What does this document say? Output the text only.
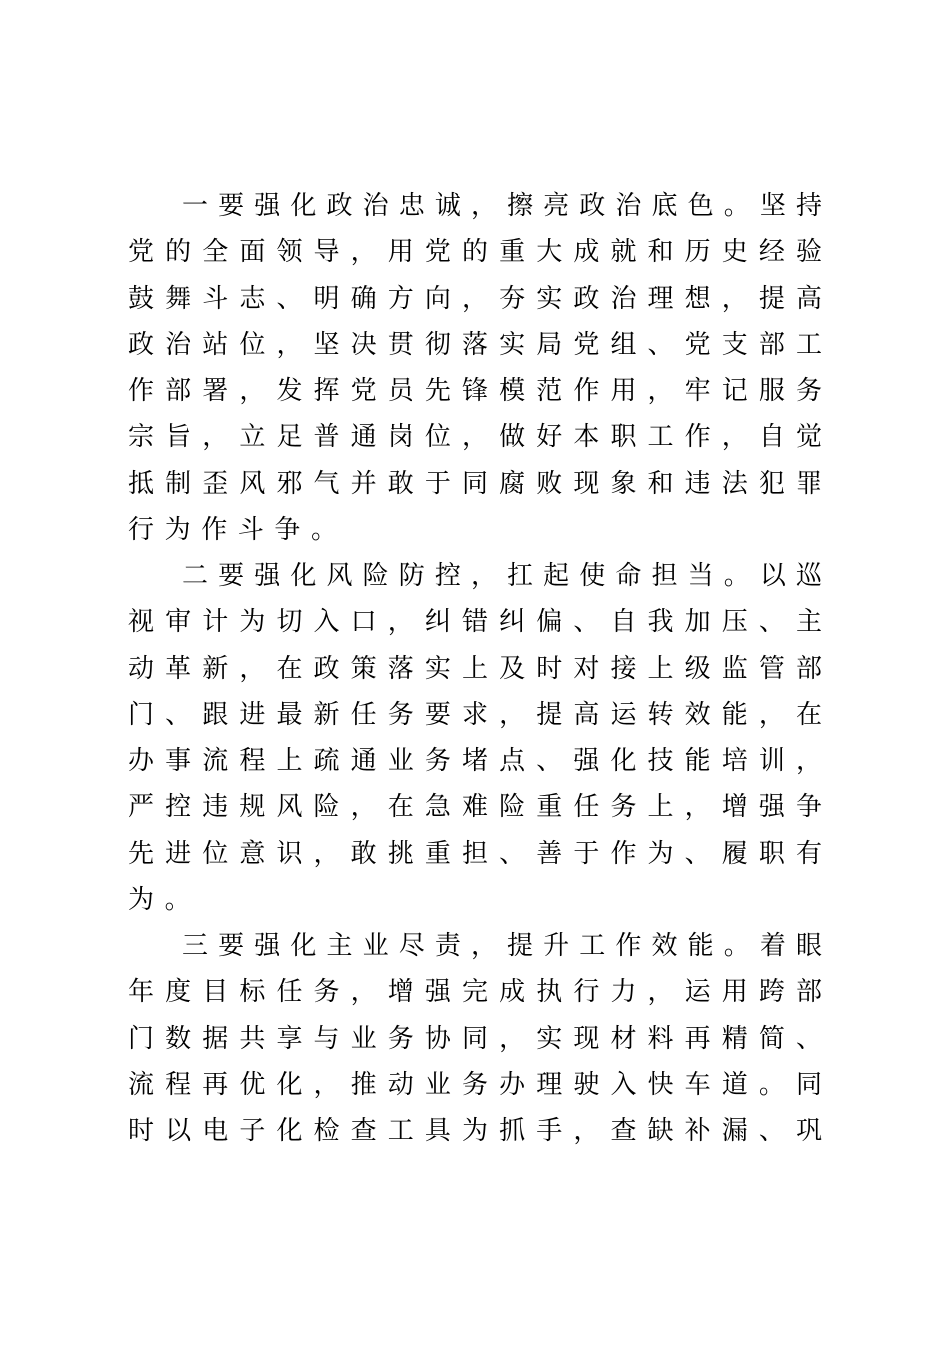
一 要 强 化 政 治 忠 诚 ， 擦 亮 政 治 底 色 。 坚 持
党 的 全 面 领 导 ， 用 党 的 重 大 成 就 和 历 史 经 验
鼓 舞 斗 志 、 明 确 方 向 ， 夯 实 政 治 理 想 ， 提 高
政 治 站 位 ， 坚 决 贯 彻 落 实 局 党 组 、 党 支 部 工
作 部 署 ， 发 挥 党 员 先 锋 模 范 作 用 ， 牢 记 服 务
宗 旨 ， 立 足 普 通 岗 位 ， 做 好 本 职 工 作 ， 自 觉
抵 制 歪 风 邪 气 并 敢 于 同 腐 败 现 象 和 违 法 犯 罪
行为作斗争。
二 要 强 化 风 险 防 控 ， 扛 起 使 命 担 当 。 以 巡
视 审 计 为 切 入 口 ， 纠 错 纠 偏 、 自 我 加 压 、 主
动 革 新 ， 在 政 策 落 实 上 及 时 对 接 上 级 监 管 部
门 、 跟 进 最 新 任 务 要 求 ， 提 高 运 转 效 能 ， 在
办 事 流 程 上 疏 通 业 务 堵 点 、 强 化 技 能 培 训 ，
严 控 违 规 风 险 ， 在 急 难 险 重 任 务 上 ， 增 强 争
先 进 位 意 识 ， 敢 挑 重 担 、 善 于 作 为 、 履 职 有
为。
三 要 强 化 主 业 尽 责 ， 提 升 工 作 效 能 。 着 眼
年 度 目 标 任 务 ， 增 强 完 成 执 行 力 ， 运 用 跨 部
门 数 据 共 享 与 业 务 协 同 ， 实 现 材 料 再 精 简 、
流 程 再 优 化 ， 推 动 业 务 办 理 驶 入 快 车 道 。 同
时 以 电 子 化 检 查 工 具 为 抓 手 ， 查 缺 补 漏 、 巩
